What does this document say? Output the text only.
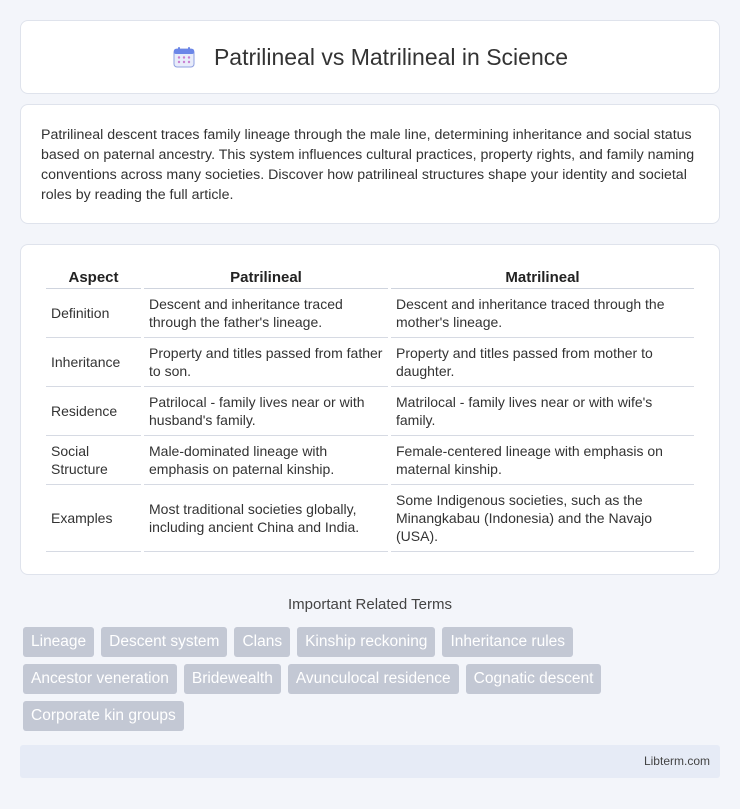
Patrilineal vs Matrilineal in Science

Patrilineal descent traces family lineage through the male line, determining inheritance and social status based on paternal ancestry. This system influences cultural practices, property rights, and family naming conventions across many societies. Discover how patrilineal structures shape your identity and societal roles by reading the full article.

Aspect	Patrilineal	Matrilineal
Definition	Descent and inheritance traced through the father's lineage.	Descent and inheritance traced through the mother's lineage.
Inheritance	Property and titles passed from father to son.	Property and titles passed from mother to daughter.
Residence	Patrilocal - family lives near or with husband's family.	Matrilocal - family lives near or with wife's family.
Social Structure	Male-dominated lineage with emphasis on paternal kinship.	Female-centered lineage with emphasis on maternal kinship.
Examples	Most traditional societies globally, including ancient China and India.	Some Indigenous societies, such as the Minangkabau (Indonesia) and the Navajo (USA).
Important Related Terms
Lineage	Descent system	Clans	Kinship reckoning	Inheritance rules
Ancestor veneration	Bridewealth	Avunculocal residence	Cognatic descent
Corporate kin groups
Libterm.com
